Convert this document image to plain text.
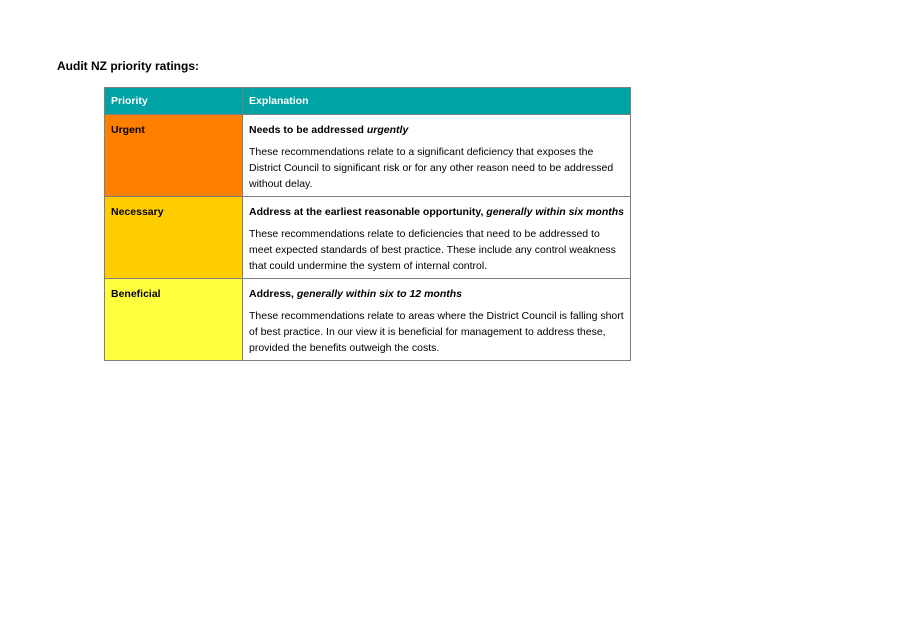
Audit NZ priority ratings:
Priority	Explanation
Urgent	Needs to be addressed urgently

These recommendations relate to a significant deficiency that exposes the District Council to significant risk or for any other reason need to be addressed without delay.

Necessary	Address at the earliest reasonable opportunity, generally within six months

These recommendations relate to deficiencies that need to be addressed to meet expected standards of best practice. These include any control weakness that could undermine the system of internal control.

Beneficial	Address, generally within six to 12 months

These recommendations relate to areas where the District Council is falling short of best practice. In our view it is beneficial for management to address these, provided the benefits outweigh the costs.
